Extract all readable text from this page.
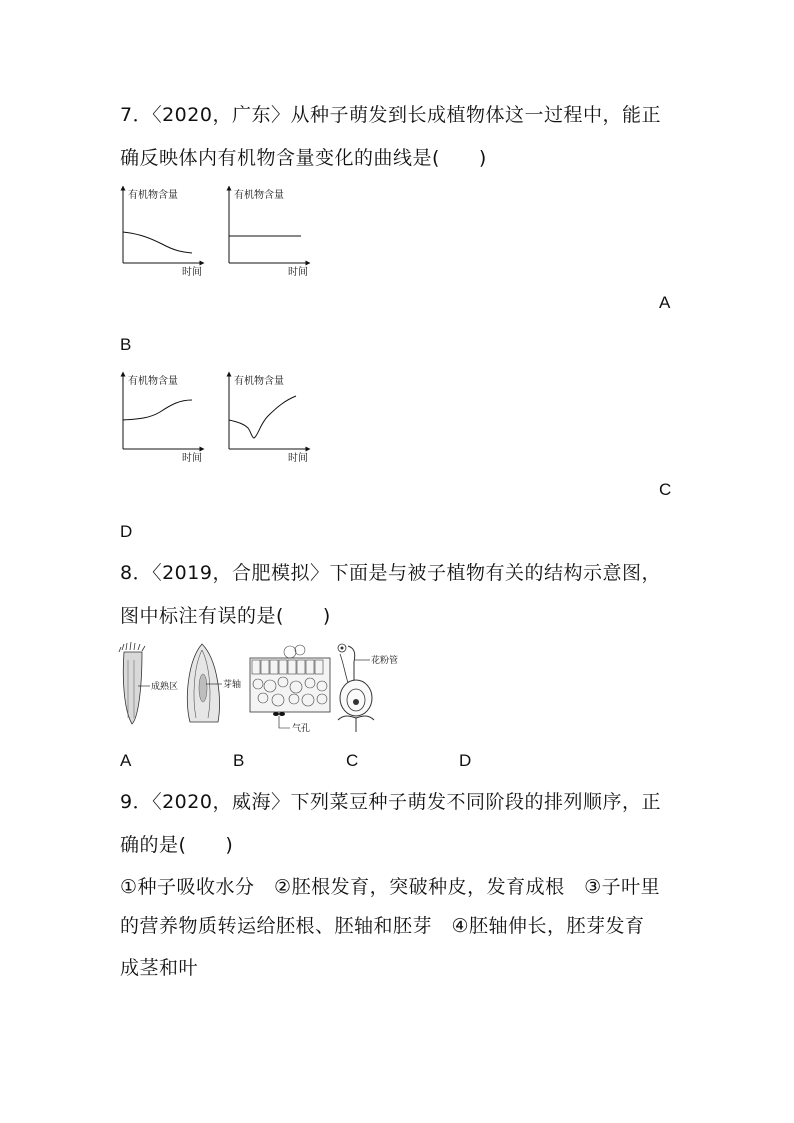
7．〈2020，广东〉从种子萌发到长成植物体这一过程中，能正
确反映体内有机物含量变化的曲线是(　　)
有机物含量
时间
有机物含量
时间
A
B
有机物含量
时间
有机物含量
时间
C
D
8．〈2019，合肥模拟〉下面是与被子植物有关的结构示意图，
图中标注有误的是(　　)
成熟区	芽轴
气孔
花粉管
A	B	C	D
9．〈2020，威海〉下列菜豆种子萌发不同阶段的排列顺序，正
确的是(　　)
①种子吸收水分　②胚根发育，突破种皮，发育成根　③子叶里
的营养物质转运给胚根、胚轴和胚芽　④胚轴伸长，胚芽发育
成茎和叶
